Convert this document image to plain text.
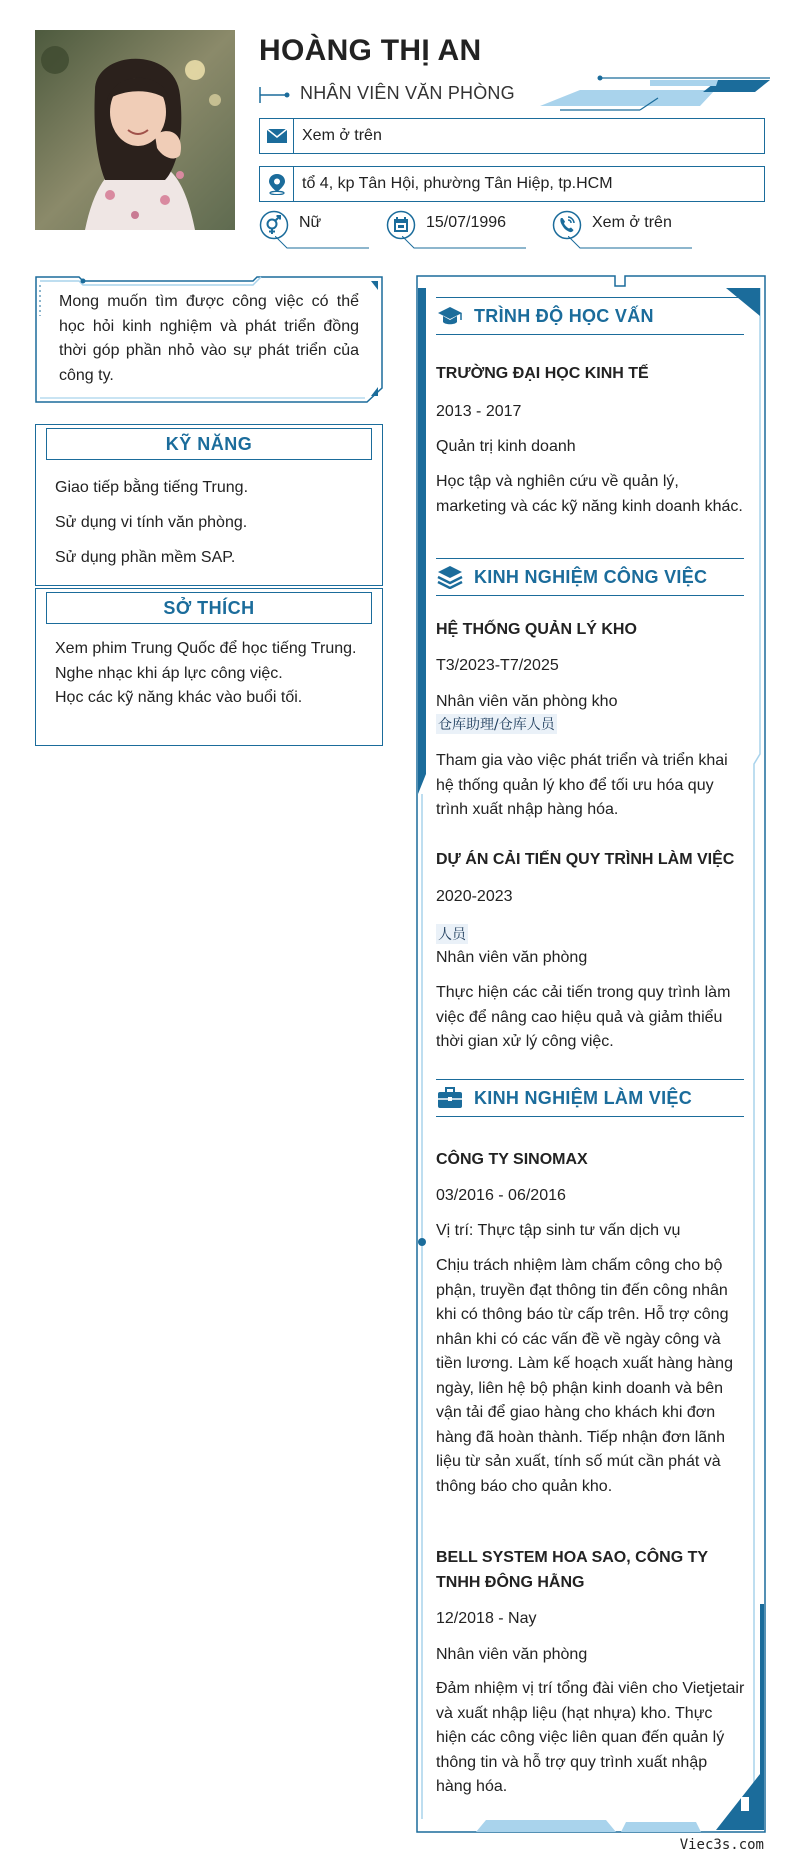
HOÀNG THỊ AN
NHÂN VIÊN VĂN PHÒNG
Xem ở trên
tổ 4, kp Tân Hội, phường Tân Hiệp, tp.HCM
Nữ	15/07/1996	Xem ở trên
Mong muốn tìm được công việc có thể học hỏi kinh nghiệm và phát triển đồng thời góp phần nhỏ vào sự phát triển của công ty.
KỸ NĂNG
Giao tiếp bằng tiếng Trung.
Sử dụng vi tính văn phòng.
Sử dụng phần mềm SAP.
SỞ THÍCH
Xem phim Trung Quốc để học tiếng Trung.
Nghe nhạc khi áp lực công việc.
Học các kỹ năng khác vào buổi tối.
TRÌNH ĐỘ HỌC VẤN
TRƯỜNG ĐẠI HỌC KINH TẾ
2013 - 2017
Quản trị kinh doanh
Học tập và nghiên cứu về quản lý, marketing và các kỹ năng kinh doanh khác.
KINH NGHIỆM CÔNG VIỆC
HỆ THỐNG QUẢN LÝ KHO
T3/2023-T7/2025
Nhân viên văn phòng kho
仓库助理/仓库人员
Tham gia vào việc phát triển và triển khai hệ thống quản lý kho để tối ưu hóa quy trình xuất nhập hàng hóa.
DỰ ÁN CẢI TIẾN QUY TRÌNH LÀM VIỆC
2020-2023
人员
Nhân viên văn phòng
Thực hiện các cải tiến trong quy trình làm việc để nâng cao hiệu quả và giảm thiểu thời gian xử lý công việc.
KINH NGHIỆM LÀM VIỆC
CÔNG TY SINOMAX
03/2016 - 06/2016
Vị trí: Thực tập sinh tư vấn dịch vụ
Chịu trách nhiệm làm chấm công cho bộ phận, truyền đạt thông tin đến công nhân khi có thông báo từ cấp trên. Hỗ trợ công nhân khi có các vấn đề về ngày công và tiền lương. Làm kế hoạch xuất hàng hàng ngày, liên hệ bộ phận kinh doanh và bên vận tải để giao hàng cho khách khi đơn hàng đã hoàn thành. Tiếp nhận đơn lãnh liệu từ sản xuất, tính số mút cần phát và thông báo cho quản kho.
BELL SYSTEM HOA SAO, CÔNG TY TNHH ĐÔNG HẰNG
12/2018 - Nay
Nhân viên văn phòng
Đảm nhiệm vị trí tổng đài viên cho Vietjetair và xuất nhập liệu (hạt nhựa) kho. Thực hiện các công việc liên quan đến quản lý thông tin và hỗ trợ quy trình xuất nhập hàng hóa.
Viec3s.com
